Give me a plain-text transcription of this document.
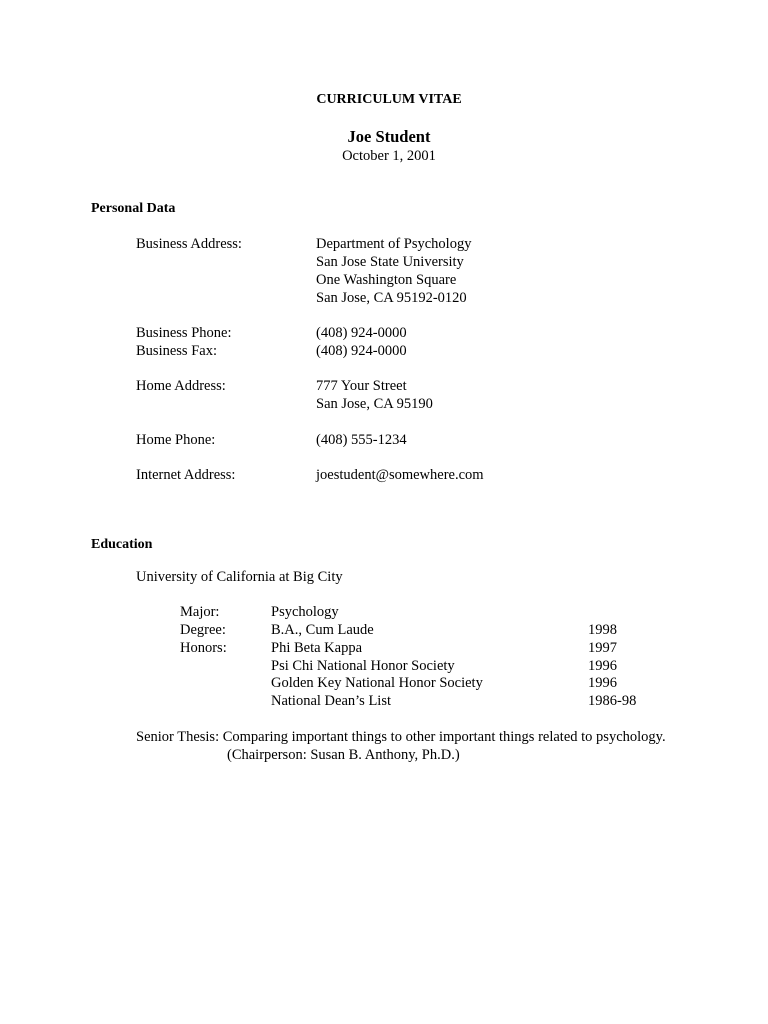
CURRICULUM VITAE
Joe Student
October 1, 2001
Personal Data
Business Address:	Department of Psychology
San Jose State University
One Washington Square
San Jose, CA 95192-0120
Business Phone:	(408) 924-0000
Business Fax:	(408) 924-0000
Home Address:	777 Your Street
San Jose, CA 95190
Home Phone:	(408) 555-1234
Internet Address:	joestudent@somewhere.com
Education
University of California at Big City
Major:	Psychology
Degree:	B.A., Cum Laude	1998
Honors:	Phi Beta Kappa	1997
Psi Chi National Honor Society	1996
Golden Key National Honor Society	1996
National Dean’s List	1986-98
Senior Thesis: Comparing important things to other important things related to psychology.
(Chairperson: Susan B. Anthony, Ph.D.)
